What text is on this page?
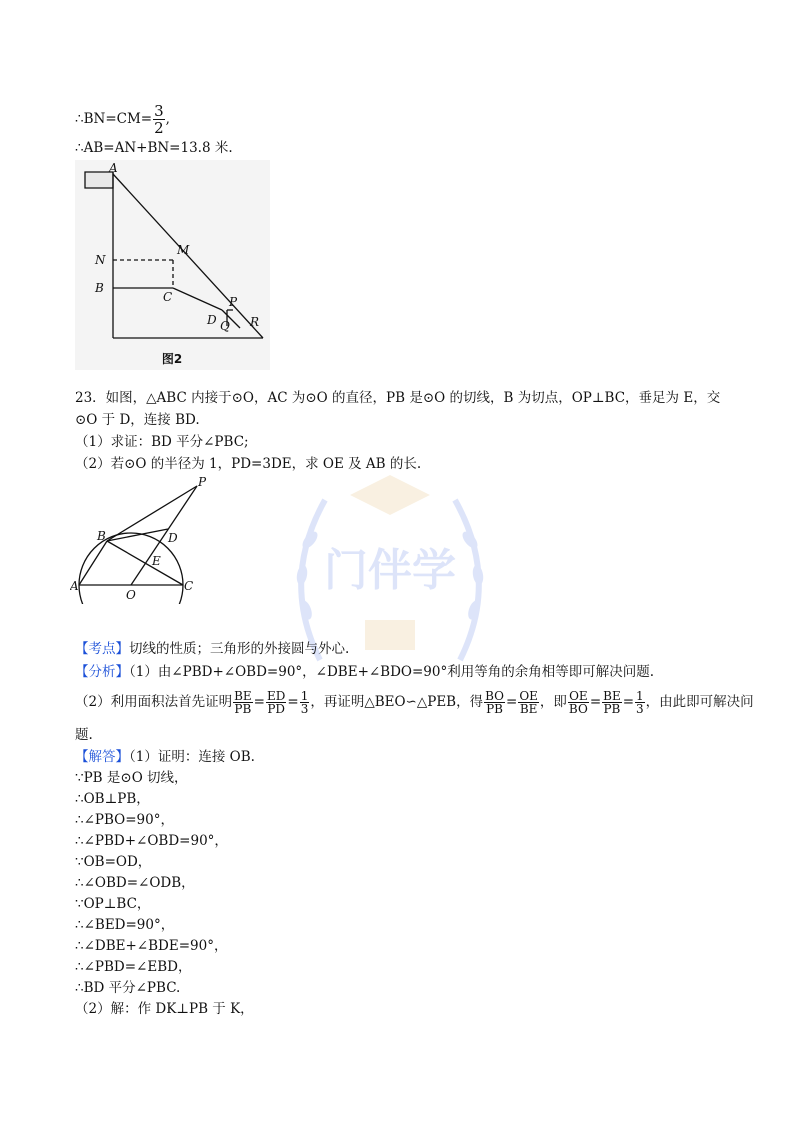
门伴学
∴BN=CM= $\frac{3}{2}$ ,
∴AB=AN+BN=13.8 米.
A
M
N
B
C	P
D Q R
图2
23．如图，△ABC 内接于⊙O，AC 为⊙O 的直径，PB 是⊙O 的切线，B 为切点，OP⊥BC，垂足为 E，交
⊙O 于 D，连接 BD.
（1）求证：BD 平分∠PBC;
（2）若⊙O 的半径为 1，PD=3DE，求 OE 及 AB 的长.
P
B	D
E
A
O
C
【考点】切线的性质；三角形的外接圆与外心.
【分析】（1）由∠PBD+∠OBD=90°，∠DBE+∠BDO=90°利用等角的余角相等即可解决问题.
（2）利用面积法首先证明 $\frac{BE}{PB} = \frac{ED}{PD} = \frac{1}{3}$ ，再证明△BEO∽△PEB，得 $\frac{BO}{PB} = \frac{OE}{BE}$ ，即 $\frac{OE}{BO} = \frac{BE}{PB} = \frac{1}{3}$ ，由此即可解决问
题.
【解答】（1）证明：连接 OB.
∵PB 是⊙O 切线，
∴OB⊥PB，
∴∠PBO=90°，
∴∠PBD+∠OBD=90°，
∵OB=OD，
∴∠OBD=∠ODB，
∵OP⊥BC，
∴∠BED=90°，
∴∠DBE+∠BDE=90°，
∴∠PBD=∠EBD，
∴BD 平分∠PBC.
（2）解：作 DK⊥PB 于 K，
